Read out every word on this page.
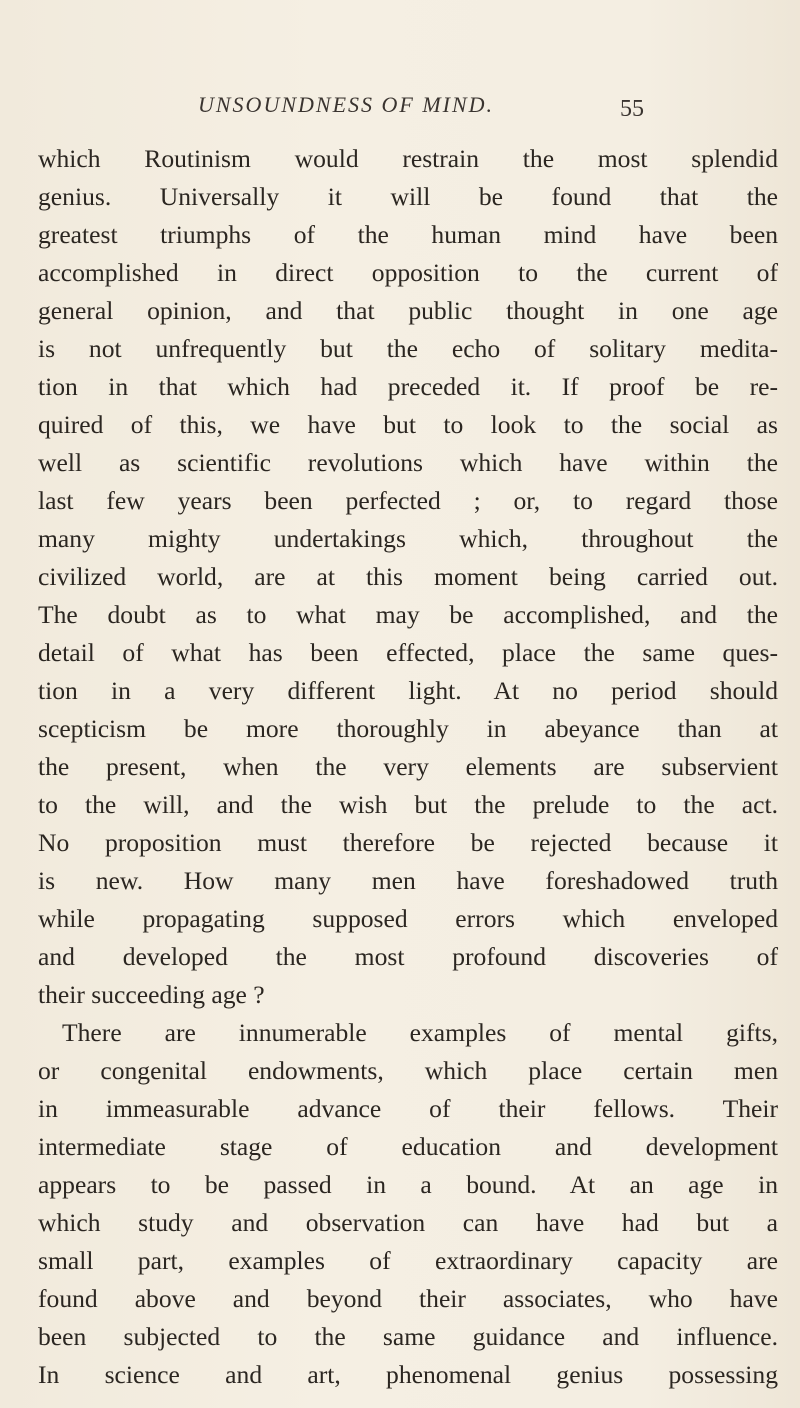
UNSOUNDNESS OF MIND.	55
which Routinism would restrain the most splendid
genius. Universally it will be found that the
greatest triumphs of the human mind have been
accomplished in direct opposition to the current of
general opinion, and that public thought in one age
is not unfrequently but the echo of solitary medita-
tion in that which had preceded it. If proof be re-
quired of this, we have but to look to the social as
well as scientific revolutions which have within the
last few years been perfected ; or, to regard those
many mighty undertakings which, throughout the
civilized world, are at this moment being carried out.
The doubt as to what may be accomplished, and the
detail of what has been effected, place the same ques-
tion in a very different light. At no period should
scepticism be more thoroughly in abeyance than at
the present, when the very elements are subservient
to the will, and the wish but the prelude to the act.
No proposition must therefore be rejected because it
is new. How many men have foreshadowed truth
while propagating supposed errors which enveloped
and developed the most profound discoveries of
their succeeding age ?
There are innumerable examples of mental gifts,
or congenital endowments, which place certain men
in immeasurable advance of their fellows. Their
intermediate stage of education and development
appears to be passed in a bound. At an age in
which study and observation can have had but a
small part, examples of extraordinary capacity are
found above and beyond their associates, who have
been subjected to the same guidance and influence.
In science and art, phenomenal genius possessing
